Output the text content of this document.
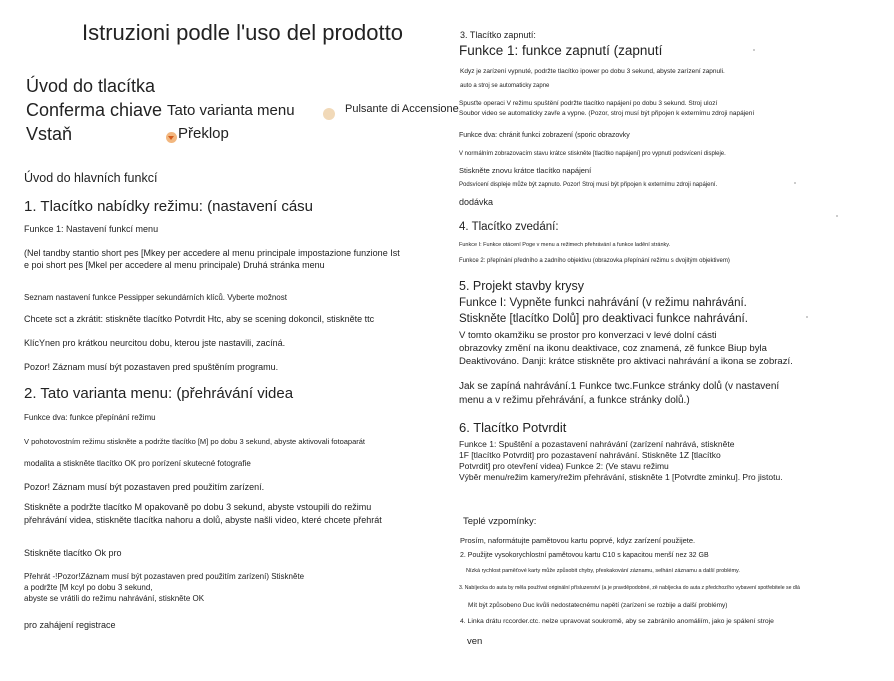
Istruzioni podle l'uso del prodotto
Úvod do tlacítka
Conferma chiave Tato varianta menu	Pulsante di Accensione
Vstaň	Překlop
Úvod do hlavních funkcí
1. Tlacítko nabídky režimu: (nastavení cásu
Funkce 1: Nastavení funkcí menu
(Nel tandby stantio short pes [Mkey per accedere al menu principale impostazione funzione Ist
e poi short pes [Mkel per accedere al menu principale) Druhá stránka menu
Seznam nastavení funkce Pessipper sekundárních klíců. Vyberte možnost
Chcete sct a zkrátit: stiskněte tlacítko Potvrdit Htc, aby se scening dokoncil, stiskněte ttc
KlícYnen pro krátkou neurcitou dobu, kterou jste nastavili, zacíná.
Pozor! Záznam musí být pozastaven pred spuštěním programu.
2. Tato varianta menu: (přehrávání videa
Funkce dva: funkce přepínání režimu
V pohotovostním režimu stiskněte a podržte tlacítko [M] po dobu 3 sekund, abyste aktivovali fotoaparát
modalita a stiskněte tlacítko OK pro porízení skutecné fotografie
Pozor! Záznam musí být pozastaven pred použitím zarízení.
Stiskněte a podržte tlacítko M opakovaně po dobu 3 sekund, abyste vstoupili do režimu
přehrávání videa, stiskněte tlacítka nahoru a dolů, abyste našli video, které chcete přehrát
Stiskněte tlacítko Ok pro
Přehrát -!Pozor!Záznam musí být pozastaven pred použitím zarízení) Stiskněte
a podržte [M kcyl po dobu 3 sekund,
abyste se vrátili do režimu nahrávání, stiskněte OK
pro zahájení registrace
3. Tlacítko zapnutí:
Funkce 1: funkce zapnutí (zapnutí
Kdyz je zarízení vypnuté, podržte tlacítko ipower po dobu 3 sekund, abyste zarízení zapnuli.
auto a stroj se automaticky zapne
Spusťte operaci V režimu spuštění podržte tlacítko napájení po dobu 3 sekund. Stroj ulozí
Soubor video se automaticky zavře a vypne. (Pozor, stroj musí být připojen k externímu zdroji napájení
Funkce dva: chránit funkci zobrazení (sporic obrazovky
V normálním zobrazovacím stavu krátce stiskněte [tlacítko napájení] pro vypnutí podsvícení displeje.
Stiskněte znovu krátce tlacítko napájení
Podsvícení displeje může být zapnuto. Pozor! Stroj musí být připojen k externímu zdroji napájení.
dodávka
4. Tlacítko zvedání:
Funkce I: Funkce otácení Poge v menu a režimech přehrávání a funkce ladění stránky.
Funkce 2: přepínání předního a zadního objektivu (obrazovka přepínání režimu s dvojitým objektivem)
5. Projekt stavby krysy
Funkce I: Vypněte funkci nahrávání (v režimu nahrávání.
Stiskněte [tlacítko Dolů] pro deaktivaci funkce nahrávání.
V tomto okamžiku se prostor pro konverzaci v levé dolní cásti
obrazovky změní na ikonu deaktivace, coz znamená, zě funkce Biup byla
Deaktivováno. Danji: krátce stiskněte pro aktivaci nahrávání a ikona se zobrazí.
Jak se zapíná nahrávání.1 Funkce twc.Funkce stránky dolů (v nastavení
menu a v režimu přehrávání, a funkce stránky dolů.)
6. Tlacítko Potvrdit
Funkce 1: Spuštění a pozastavení nahrávání (zarízení nahrává, stiskněte
1F [tlacítko Potvrdit] pro pozastavení nahrávání. Stiskněte 1Z [tlacítko
Potvrdit] pro otevření videa) Funkce 2: (Ve stavu režimu
Výběr menu/režim kamery/režim přehrávání, stiskněte 1 [Potvrdte zminku]. Pro jistotu.
Teplé vzpomínky:
Prosím, naformátujte pamětovou kartu poprvé, kdyz zarízení použijete.
2. Použijte vysokorychlostní pamětovou kartu C10 s kapacitou menší nez 32 GB
Nízká rychlost paměťové karty může způsobit chyby, přeskakování záznamu, selhání záznamu a další problémy.
3. Nabíjecka do auta by měla používat originální přísluzenství (a je pravděpodobné, zě nabíjecka do auta z předchozího vybavení spotřebitele se dlá
Mít být způsobeno Duc kvůli nedostatecnému napětí (zarízení se rozbije a další problémy)
4. Linka drátu rccorder.ctc. nelze upravovat soukromě, aby se zabránilo anomáliím, jako je spálení stroje
ven
